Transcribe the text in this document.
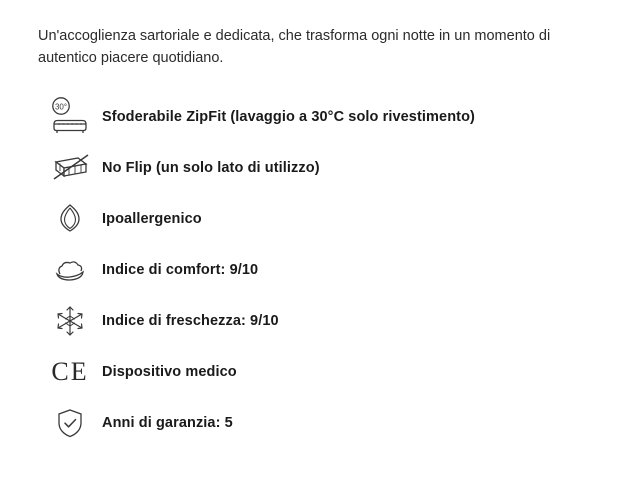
Un'accoglienza sartoriale e dedicata, che trasforma ogni notte in un momento di autentico piacere quotidiano.

30°
Sfoderabile ZipFit (lavaggio a 30°C solo rivestimento)
No Flip (un solo lato di utilizzo)
Ipoallergenico
Indice di comfort: 9/10
Indice di freschezza: 9/10
CE Dispositivo medico
Anni di garanzia: 5
